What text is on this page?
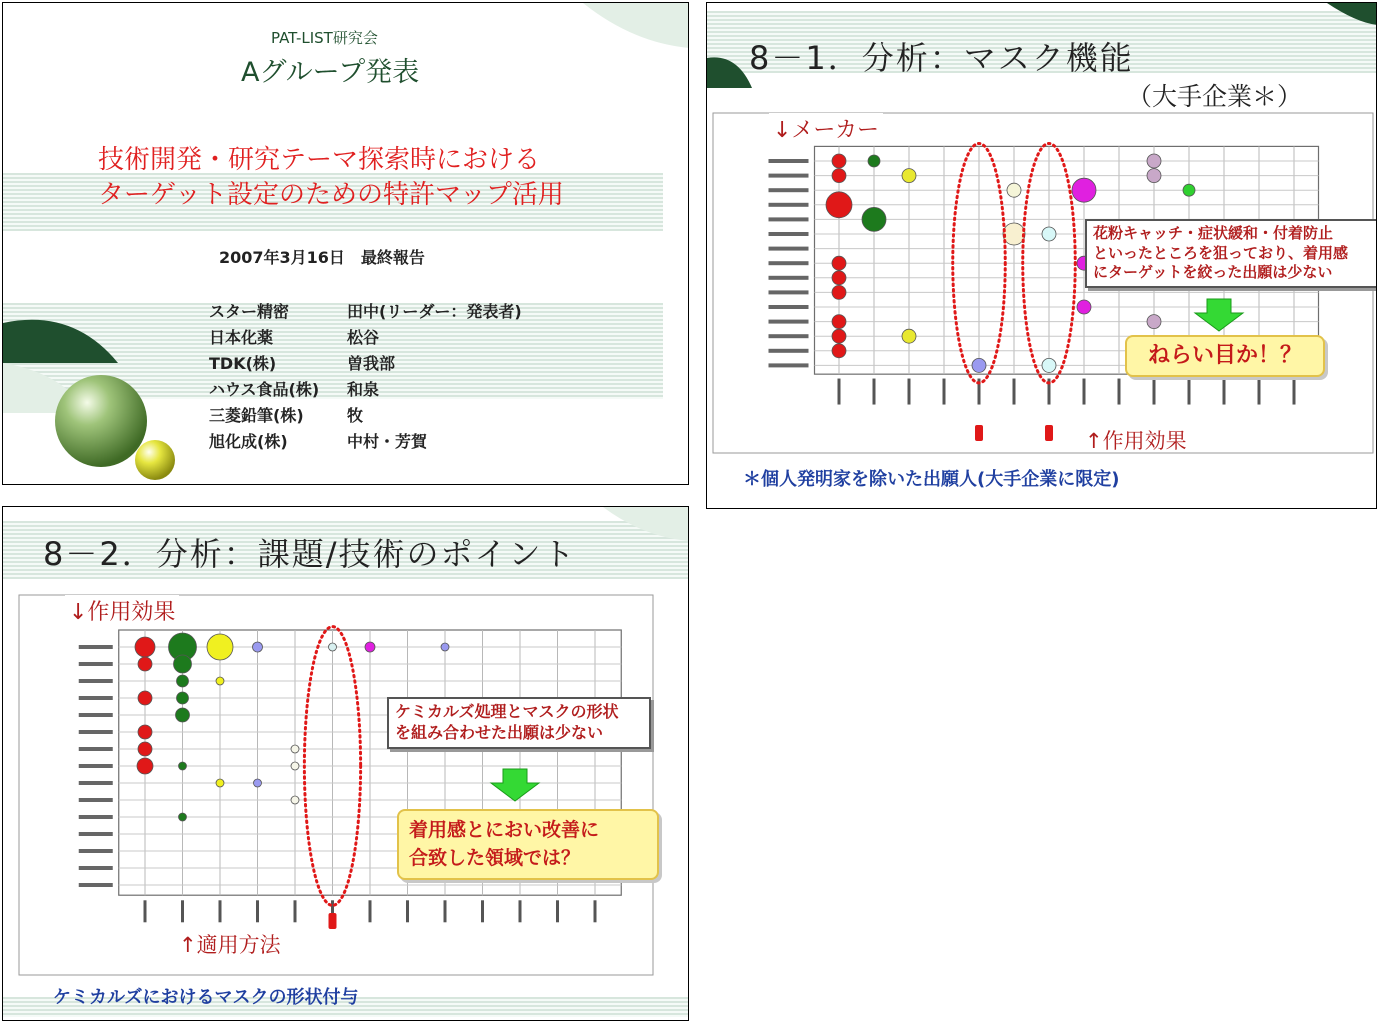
PAT-LIST研究会
Aグループ発表
技術開発・研究テーマ探索時における
ターゲット設定のための特許マップ活用
2007年3月16日　最終報告
スター精密	田中(リーダー：発表者)
日本化薬	松谷
TDK(株)	曽我部
ハウス食品(株) 和泉
三菱鉛筆(株)	牧
旭化成(株)	中村・芳賀
8－1．分析：マスク機能
（大手企業＊）
↓メーカー
花粉キャッチ・症状緩和・付着防止
といったところを狙っており、着用感
にターゲットを絞った出願は少ない
ねらい目か！？
↑作用効果
＊個人発明家を除いた出願人(大手企業に限定)
8－2．分析：課題/技術のポイント
↓作用効果
ケミカルズ処理とマスクの形状
を組み合わせた出願は少ない
着用感とにおい改善に
合致した領域では？
↑適用方法
ケミカルズにおけるマスクの形状付与
